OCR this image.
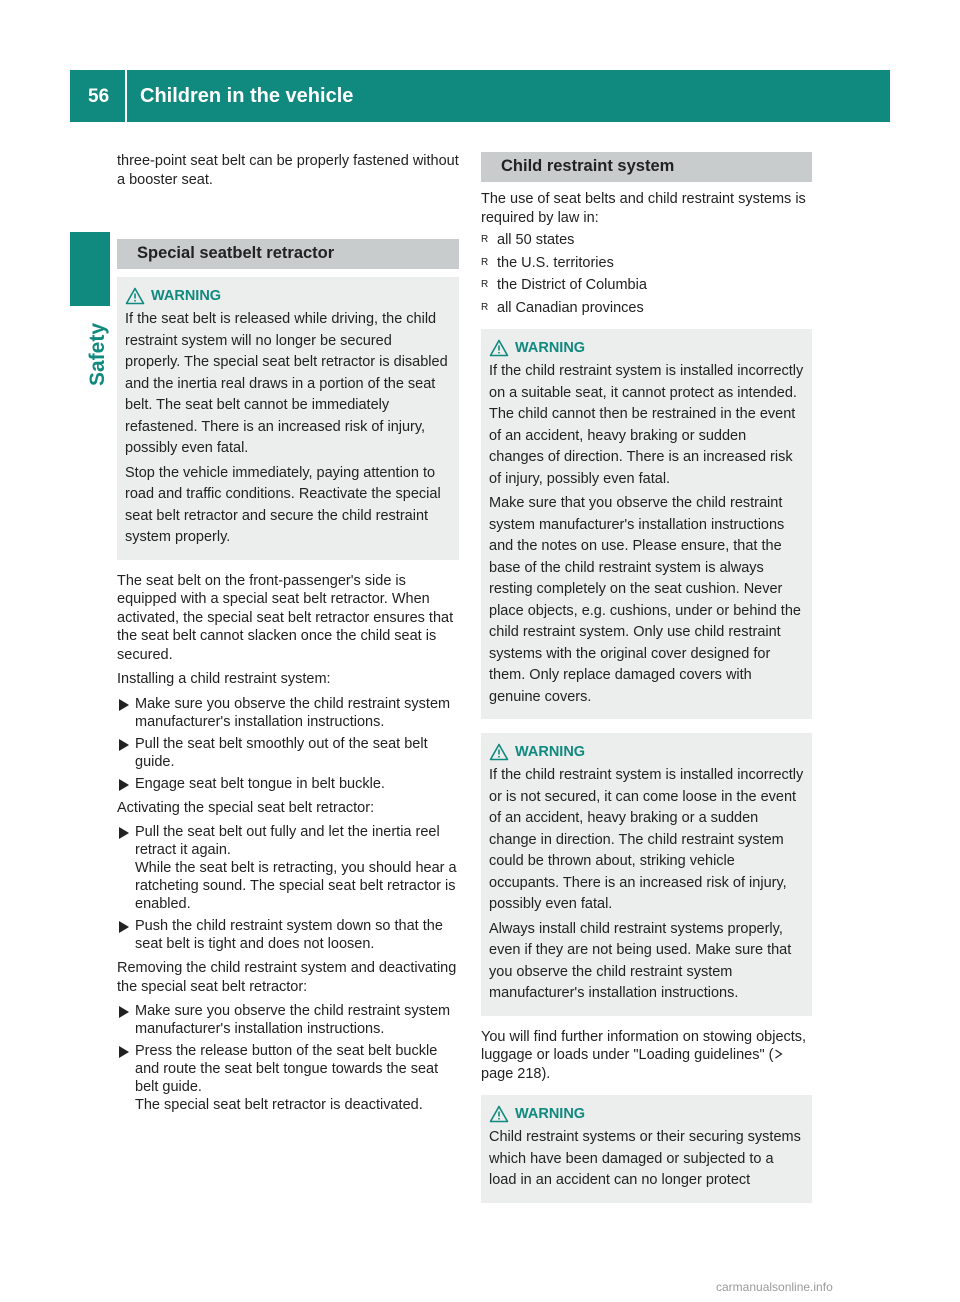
56 Children in the vehicle
Safety

three-point seat belt can be properly fastened without a booster seat.

Special seatbelt retractor
WARNING

If the seat belt is released while driving, the child restraint system will no longer be secured properly. The special seat belt retractor is disabled and the inertia real draws in a portion of the seat belt. The seat belt cannot be immediately refastened. There is an increased risk of injury, possibly even fatal.

Stop the vehicle immediately, paying attention to road and traffic conditions. Reactivate the special seat belt retractor and secure the child restraint system properly.

The seat belt on the front-passenger's side is equipped with a special seat belt retractor. When activated, the special seat belt retractor ensures that the seat belt cannot slacken once the child seat is secured.

Installing a child restraint system:

Make sure you observe the child restraint system manufacturer's installation instructions.
Pull the seat belt smoothly out of the seat belt guide.
Engage seat belt tongue in belt buckle.

Activating the special seat belt retractor:

Pull the seat belt out fully and let the inertia reel retract it again.
While the seat belt is retracting, you should hear a ratcheting sound. The special seat belt retractor is enabled.
Push the child restraint system down so that the seat belt is tight and does not loosen.

Removing the child restraint system and deactivating the special seat belt retractor:

Make sure you observe the child restraint system manufacturer's installation instructions.
Press the release button of the seat belt buckle and route the seat belt tongue towards the seat belt guide.
The special seat belt retractor is deactivated.
Child restraint system

The use of seat belts and child restraint systems is required by law in:

R all 50 states
R the U.S. territories
R the District of Columbia
R all Canadian provinces
WARNING

If the child restraint system is installed incorrectly on a suitable seat, it cannot protect as intended. The child cannot then be restrained in the event of an accident, heavy braking or sudden changes of direction. There is an increased risk of injury, possibly even fatal.

Make sure that you observe the child restraint system manufacturer's installation instructions and the notes on use. Please ensure, that the base of the child restraint system is always resting completely on the seat cushion. Never place objects, e.g. cushions, under or behind the child restraint system. Only use child restraint systems with the original cover designed for them. Only replace damaged covers with genuine covers.

WARNING

If the child restraint system is installed incorrectly or is not secured, it can come loose in the event of an accident, heavy braking or a sudden change in direction. The child restraint system could be thrown about, striking vehicle occupants. There is an increased risk of injury, possibly even fatal.

Always install child restraint systems properly, even if they are not being used. Make sure that you observe the child restraint system manufacturer's installation instructions.

You will find further information on stowing objects, luggage or loads under "Loading guidelines" (page 218).

WARNING

Child restraint systems or their securing systems which have been damaged or subjected to a load in an accident can no longer protect

carmanualsonline.info
